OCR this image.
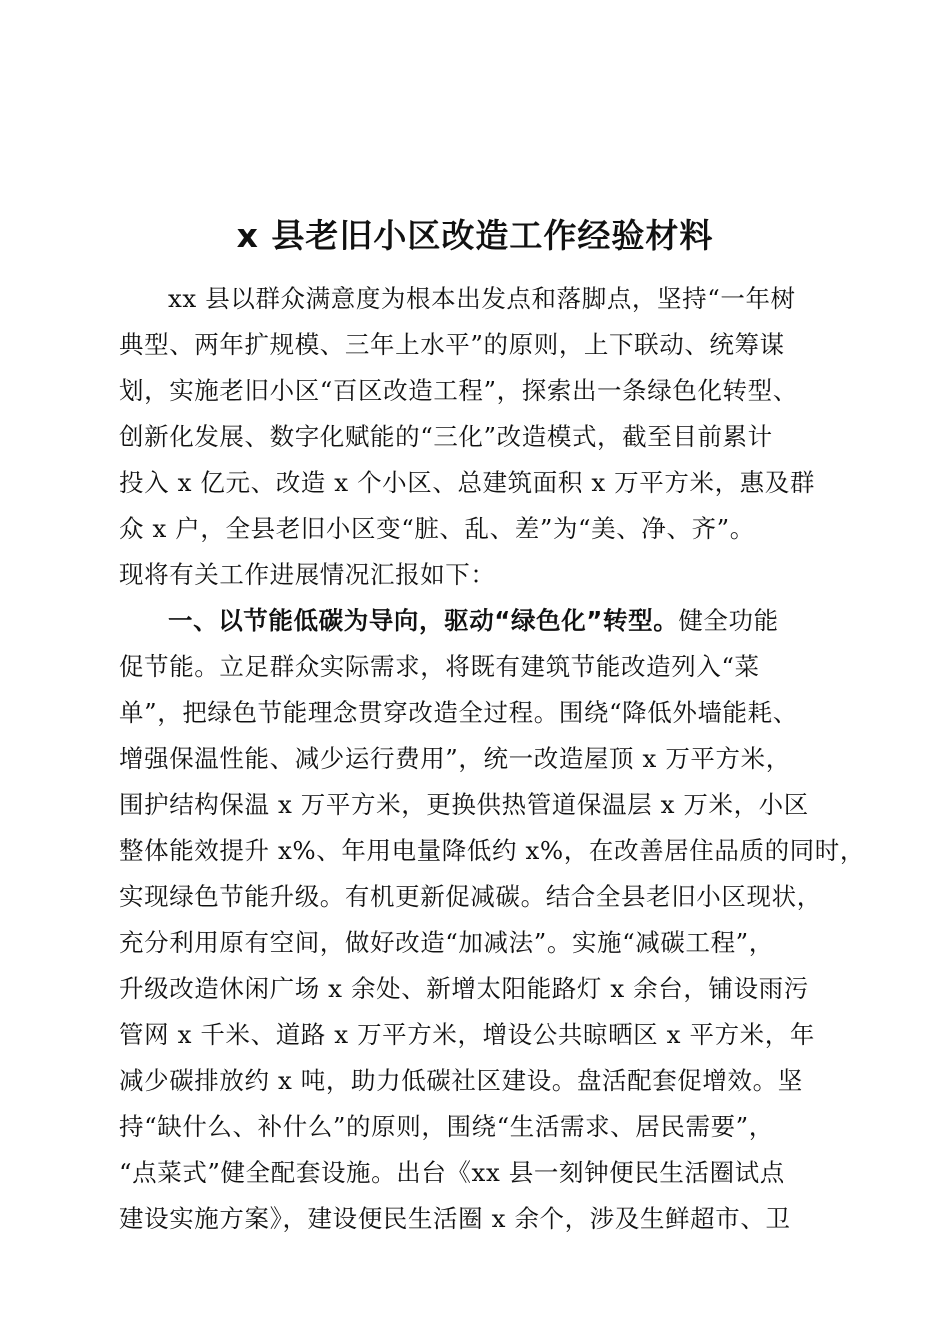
x 县老旧小区改造工作经验材料
xx 县以群众满意度为根本出发点和落脚点，坚持“一年树
典型、两年扩规模、三年上水平”的原则，上下联动、统筹谋
划，实施老旧小区“百区改造工程”，探索出一条绿色化转型、
创新化发展、数字化赋能的“三化”改造模式，截至目前累计
投入 x 亿元、改造 x 个小区、总建筑面积 x 万平方米，惠及群
众 x 户，全县老旧小区变“脏、乱、差”为“美、净、齐”。
现将有关工作进展情况汇报如下：
一、以节能低碳为导向，驱动“绿色化”转型。健全功能
促节能。立足群众实际需求，将既有建筑节能改造列入“菜
单”，把绿色节能理念贯穿改造全过程。围绕“降低外墙能耗、
增强保温性能、减少运行费用”，统一改造屋顶 x 万平方米，
围护结构保温 x 万平方米，更换供热管道保温层 x 万米，小区
整体能效提升 x%、年用电量降低约 x%，在改善居住品质的同时，
实现绿色节能升级。有机更新促减碳。结合全县老旧小区现状，
充分利用原有空间，做好改造“加减法”。实施“减碳工程”，
升级改造休闲广场 x 余处、新增太阳能路灯 x 余台，铺设雨污
管网 x 千米、道路 x 万平方米，增设公共晾晒区 x 平方米，年
减少碳排放约 x 吨，助力低碳社区建设。盘活配套促增效。坚
持“缺什么、补什么”的原则，围绕“生活需求、居民需要”，
“点菜式”健全配套设施。出台《xx 县一刻钟便民生活圈试点
建设实施方案》，建设便民生活圈 x 余个，涉及生鲜超市、卫
